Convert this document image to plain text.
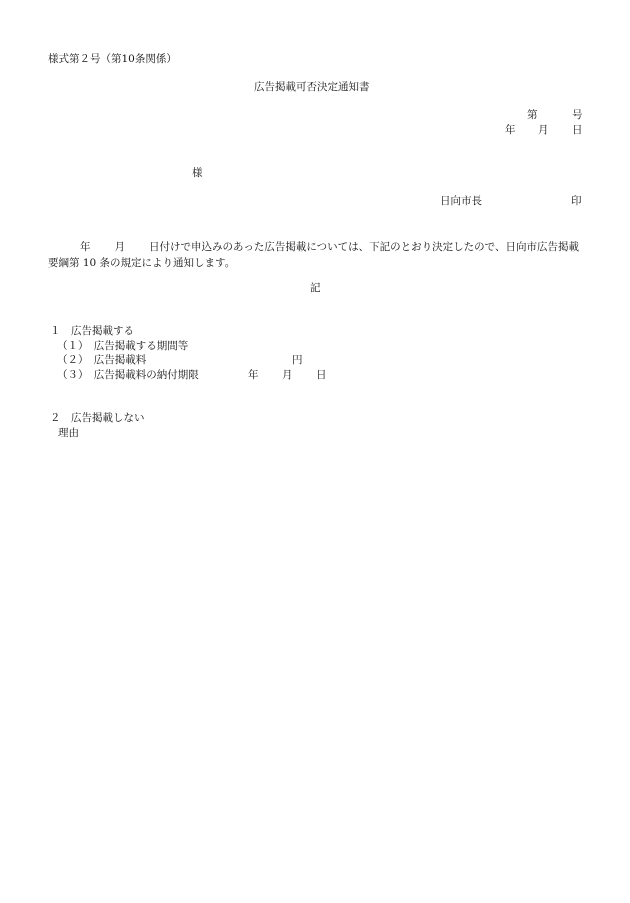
様式第２号（第10条関係）
広告掲載可否決定通知書
第	号
年 月 日
様
日向市長	印
年 月 日付けで申込みのあった広告掲載については、下記のとおり決定したので、日向市広告掲載要綱第 10 条の規定により通知します。
記
１　広告掲載する
（１）　広告掲載する期間等
（２）　広告掲載料	円
（３）　広告掲載料の納付期限	年 月 日
２　広告掲載しない
理由
